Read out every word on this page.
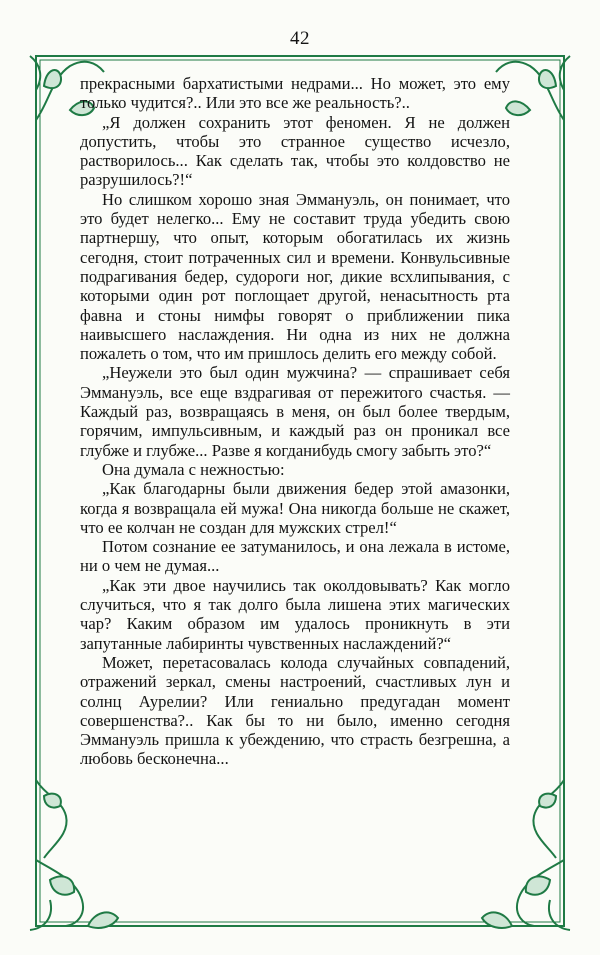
42

прекрасными бархатистыми недрами... Но может, это ему только чудится?.. Или это все же реальность?..

„Я должен сохранить этот феномен. Я не должен допустить, чтобы это странное существо исчезло, растворилось... Как сделать так, чтобы это колдовство не разрушилось?!“

Но слишком хорошо зная Эммануэль, он понимает, что это будет нелегко... Ему не составит труда убедить свою партнершу, что опыт, которым обогатилась их жизнь сегодня, стоит потраченных сил и времени. Конвульсивные подрагивания бедер, судороги ног, дикие всхлипывания, с которыми один рот поглощает другой, ненасытность рта фавна и стоны нимфы говорят о приближении пика наивысшего наслаждения. Ни одна из них не должна пожалеть о том, что им пришлось делить его между собой.

„Неужели это был один мужчина? — спрашивает себя Эммануэль, все еще вздрагивая от пережитого счастья. — Каждый раз, возвращаясь в меня, он был более твердым, горячим, импульсивным, и каждый раз он проникал все глубже и глубже... Разве я когданибудь смогу забыть это?“

Она думала с нежностью:

„Как благодарны были движения бедер этой амазонки, когда я возвращала ей мужа! Она никогда больше не скажет, что ее колчан не создан для мужских стрел!“

Потом сознание ее затуманилось, и она лежала в истоме, ни о чем не думая...

„Как эти двое научились так околдовывать? Как могло случиться, что я так долго была лишена этих магических чар? Каким образом им удалось проникнуть в эти запутанные лабиринты чувственных наслаждений?“

Может, перетасовалась колода случайных совпадений, отражений зеркал, смены настроений, счастливых лун и солнц Аурелии? Или гениально предугадан момент совершенства?.. Как бы то ни было, именно сегодня Эммануэль пришла к убеждению, что страсть безгрешна, а любовь бесконечна...
